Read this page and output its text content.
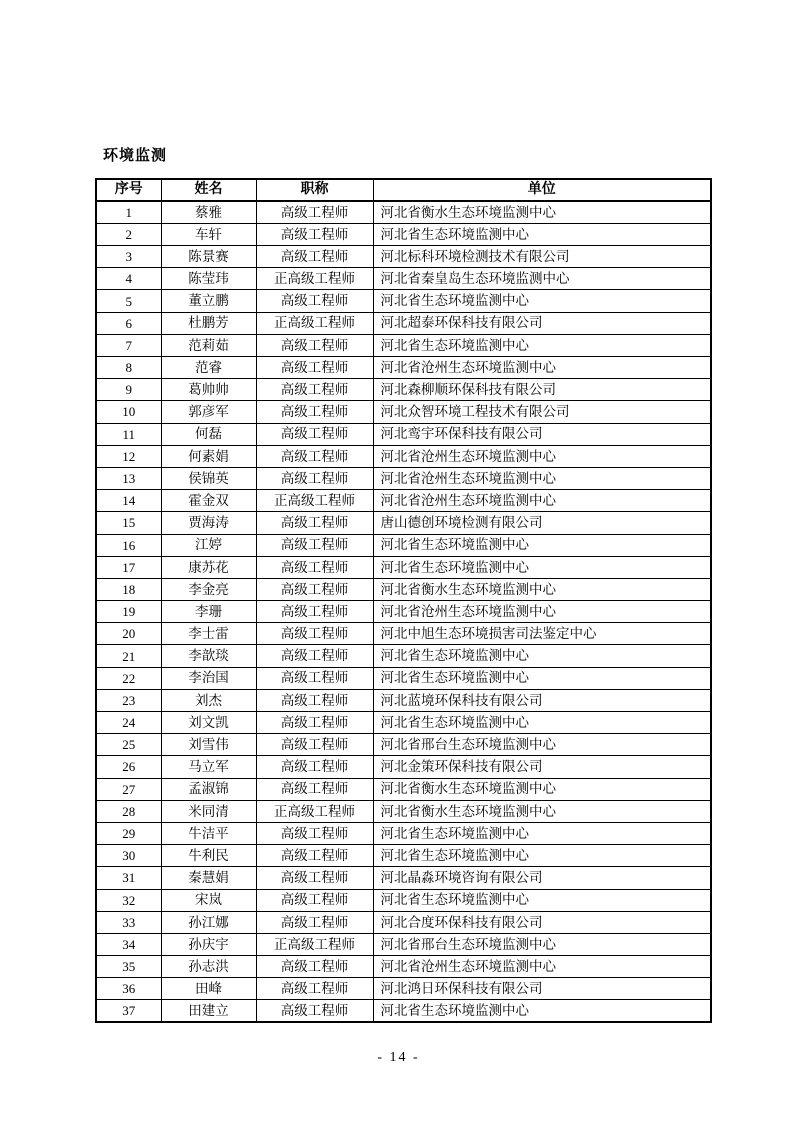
环境监测
序号	姓名	职称	单位
1	蔡雅	高级工程师	河北省衡水生态环境监测中心
2	车轩	高级工程师	河北省生态环境监测中心
3	陈景赛	高级工程师	河北标科环境检测技术有限公司
4	陈莹玮	正高级工程师	河北省秦皇岛生态环境监测中心
5	董立鹏	高级工程师	河北省生态环境监测中心
6	杜鹏芳	正高级工程师	河北超泰环保科技有限公司
7	范莉茹	高级工程师	河北省生态环境监测中心
8	范睿	高级工程师	河北省沧州生态环境监测中心
9	葛帅帅	高级工程师	河北森柳顺环保科技有限公司
10	郭彦军	高级工程师	河北众智环境工程技术有限公司
11	何磊	高级工程师	河北鸾宇环保科技有限公司
12	何素娟	高级工程师	河北省沧州生态环境监测中心
13	侯锦英	高级工程师	河北省沧州生态环境监测中心
14	霍金双	正高级工程师	河北省沧州生态环境监测中心
15	贾海涛	高级工程师	唐山德创环境检测有限公司
16	江婷	高级工程师	河北省生态环境监测中心
17	康苏花	高级工程师	河北省生态环境监测中心
18	李金亮	高级工程师	河北省衡水生态环境监测中心
19	李珊	高级工程师	河北省沧州生态环境监测中心
20	李士雷	高级工程师	河北中旭生态环境损害司法鉴定中心
21	李歆琰	高级工程师	河北省生态环境监测中心
22	李治国	高级工程师	河北省生态环境监测中心
23	刘杰	高级工程师	河北蓝境环保科技有限公司
24	刘文凯	高级工程师	河北省生态环境监测中心
25	刘雪伟	高级工程师	河北省邢台生态环境监测中心
26	马立军	高级工程师	河北金策环保科技有限公司
27	孟淑锦	高级工程师	河北省衡水生态环境监测中心
28	米同清	正高级工程师	河北省衡水生态环境监测中心
29	牛洁平	高级工程师	河北省生态环境监测中心
30	牛利民	高级工程师	河北省生态环境监测中心
31	秦慧娟	高级工程师	河北晶淼环境咨询有限公司
32	宋岚	高级工程师	河北省生态环境监测中心
33	孙江娜	高级工程师	河北合度环保科技有限公司
34	孙庆宇	正高级工程师	河北省邢台生态环境监测中心
35	孙志洪	高级工程师	河北省沧州生态环境监测中心
36	田峰	高级工程师	河北鸿日环保科技有限公司
37	田建立	高级工程师	河北省生态环境监测中心
- 14 -
